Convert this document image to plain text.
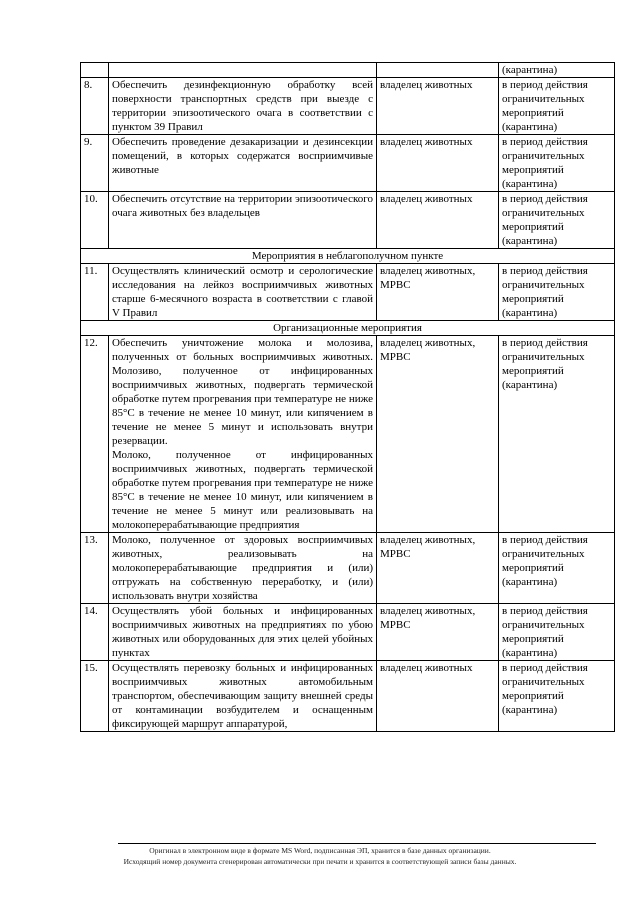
			(карантина)
8.	Обеспечить дезинфекционную обработку всей поверхности транспортных средств при выезде с территории эпизоотического очага в соответствии с пунктом 39 Правил	владелец животных	в период действия ограничительных мероприятий (карантина)
9.	Обеспечить проведение дезакаризации и дезинсекции помещений, в которых содержатся восприимчивые животные	владелец животных	в период действия ограничительных мероприятий (карантина)
10.	Обеспечить отсутствие на территории эпизоотического очага животных без владельцев	владелец животных	в период действия ограничительных мероприятий (карантина)
Мероприятия в неблагополучном пункте			
11.	Осуществлять клинический осмотр и серологические исследования на лейкоз восприимчивых животных старше 6-месячного возраста в соответствии с главой V Правил	владелец животных, МРВС	в период действия ограничительных мероприятий (карантина)
Организационные мероприятия			
12.	Обеспечить уничтожение молока и молозива, полученных от больных восприимчивых животных. Молозиво, полученное от инфицированных восприимчивых животных, подвергать термической обработке путем прогревания при температуре не ниже 85°С в течение не менее 10 минут, или кипячением в течение не менее 5 минут и использовать внутри резервации.

Молоко, полученное от инфицированных восприимчивых животных, подвергать термической обработке путем прогревания при температуре не ниже 85°С в течение не менее 10 минут, или кипячением в течение не менее 5 минут или реализовывать на молокоперерабатывающие предприятия	владелец животных, МРВС	в период действия ограничительных мероприятий (карантина)
13.	Молоко, полученное от здоровых восприимчивых животных, реализовывать на молокоперерабатывающие предприятия и (или) отгружать на собственную переработку, и (или) использовать внутри хозяйства	владелец животных, МРВС	в период действия ограничительных мероприятий (карантина)
14.	Осуществлять убой больных и инфицированных восприимчивых животных на предприятиях по убою животных или оборудованных для этих целей убойных пунктах	владелец животных, МРВС	в период действия ограничительных мероприятий (карантина)
15.	Осуществлять перевозку больных и инфицированных восприимчивых животных автомобильным транспортом, обеспечивающим защиту внешней среды от контаминации возбудителем и оснащенным фиксирующей маршрут аппаратурой,	владелец животных	в период действия ограничительных мероприятий (карантина)
Оригинал в электронном виде в формате MS Word, подписанная ЭП, хранится в базе данных организации.
Исходящий номер документа сгенерирован автоматически при печати и хранится в соответствующей записи базы данных.
